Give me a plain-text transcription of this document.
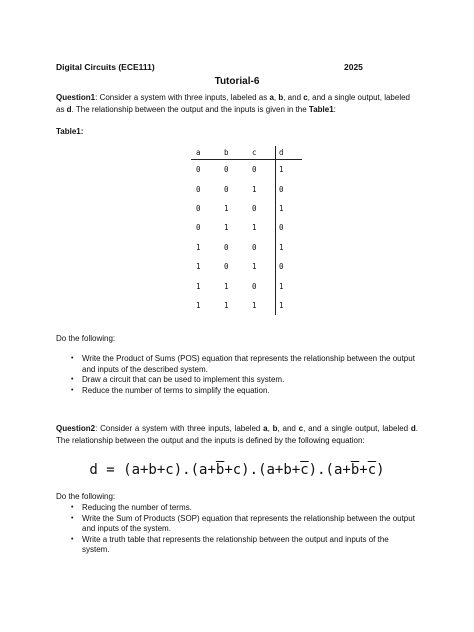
Digital Circuits (ECE111)	2025
Tutorial-6
Question1: Consider a system with three inputs, labeled as a, b, and c, and a single output, labeled as d. The relationship between the output and the inputs is given in the Table1:
Table1:
a	b	c	d
0	0	0	1
0	0	1	0
0	1	0	1
0	1	1	0
1	0	0	1
1	0	1	0
1	1	0	1
1	1	1	1
Do the following:
• Write the Product of Sums (POS) equation that represents the relationship between the output and inputs of the described system.
• Draw a circuit that can be used to implement this system.
• Reduce the number of terms to simplify the equation.
Question2: Consider a system with three inputs, labeled a, b, and c, and a single output, labeled d. The relationship between the output and the inputs is defined by the following equation:
$d = (a+b+c).(a+\overline{b}+c).(a+b+\overline{c}).(a+\overline{b}+\overline{c})$
Do the following:
• Reducing the number of terms.
• Write the Sum of Products (SOP) equation that represents the relationship between the output and inputs of the system.
• Write a truth table that represents the relationship between the output and inputs of the system.
